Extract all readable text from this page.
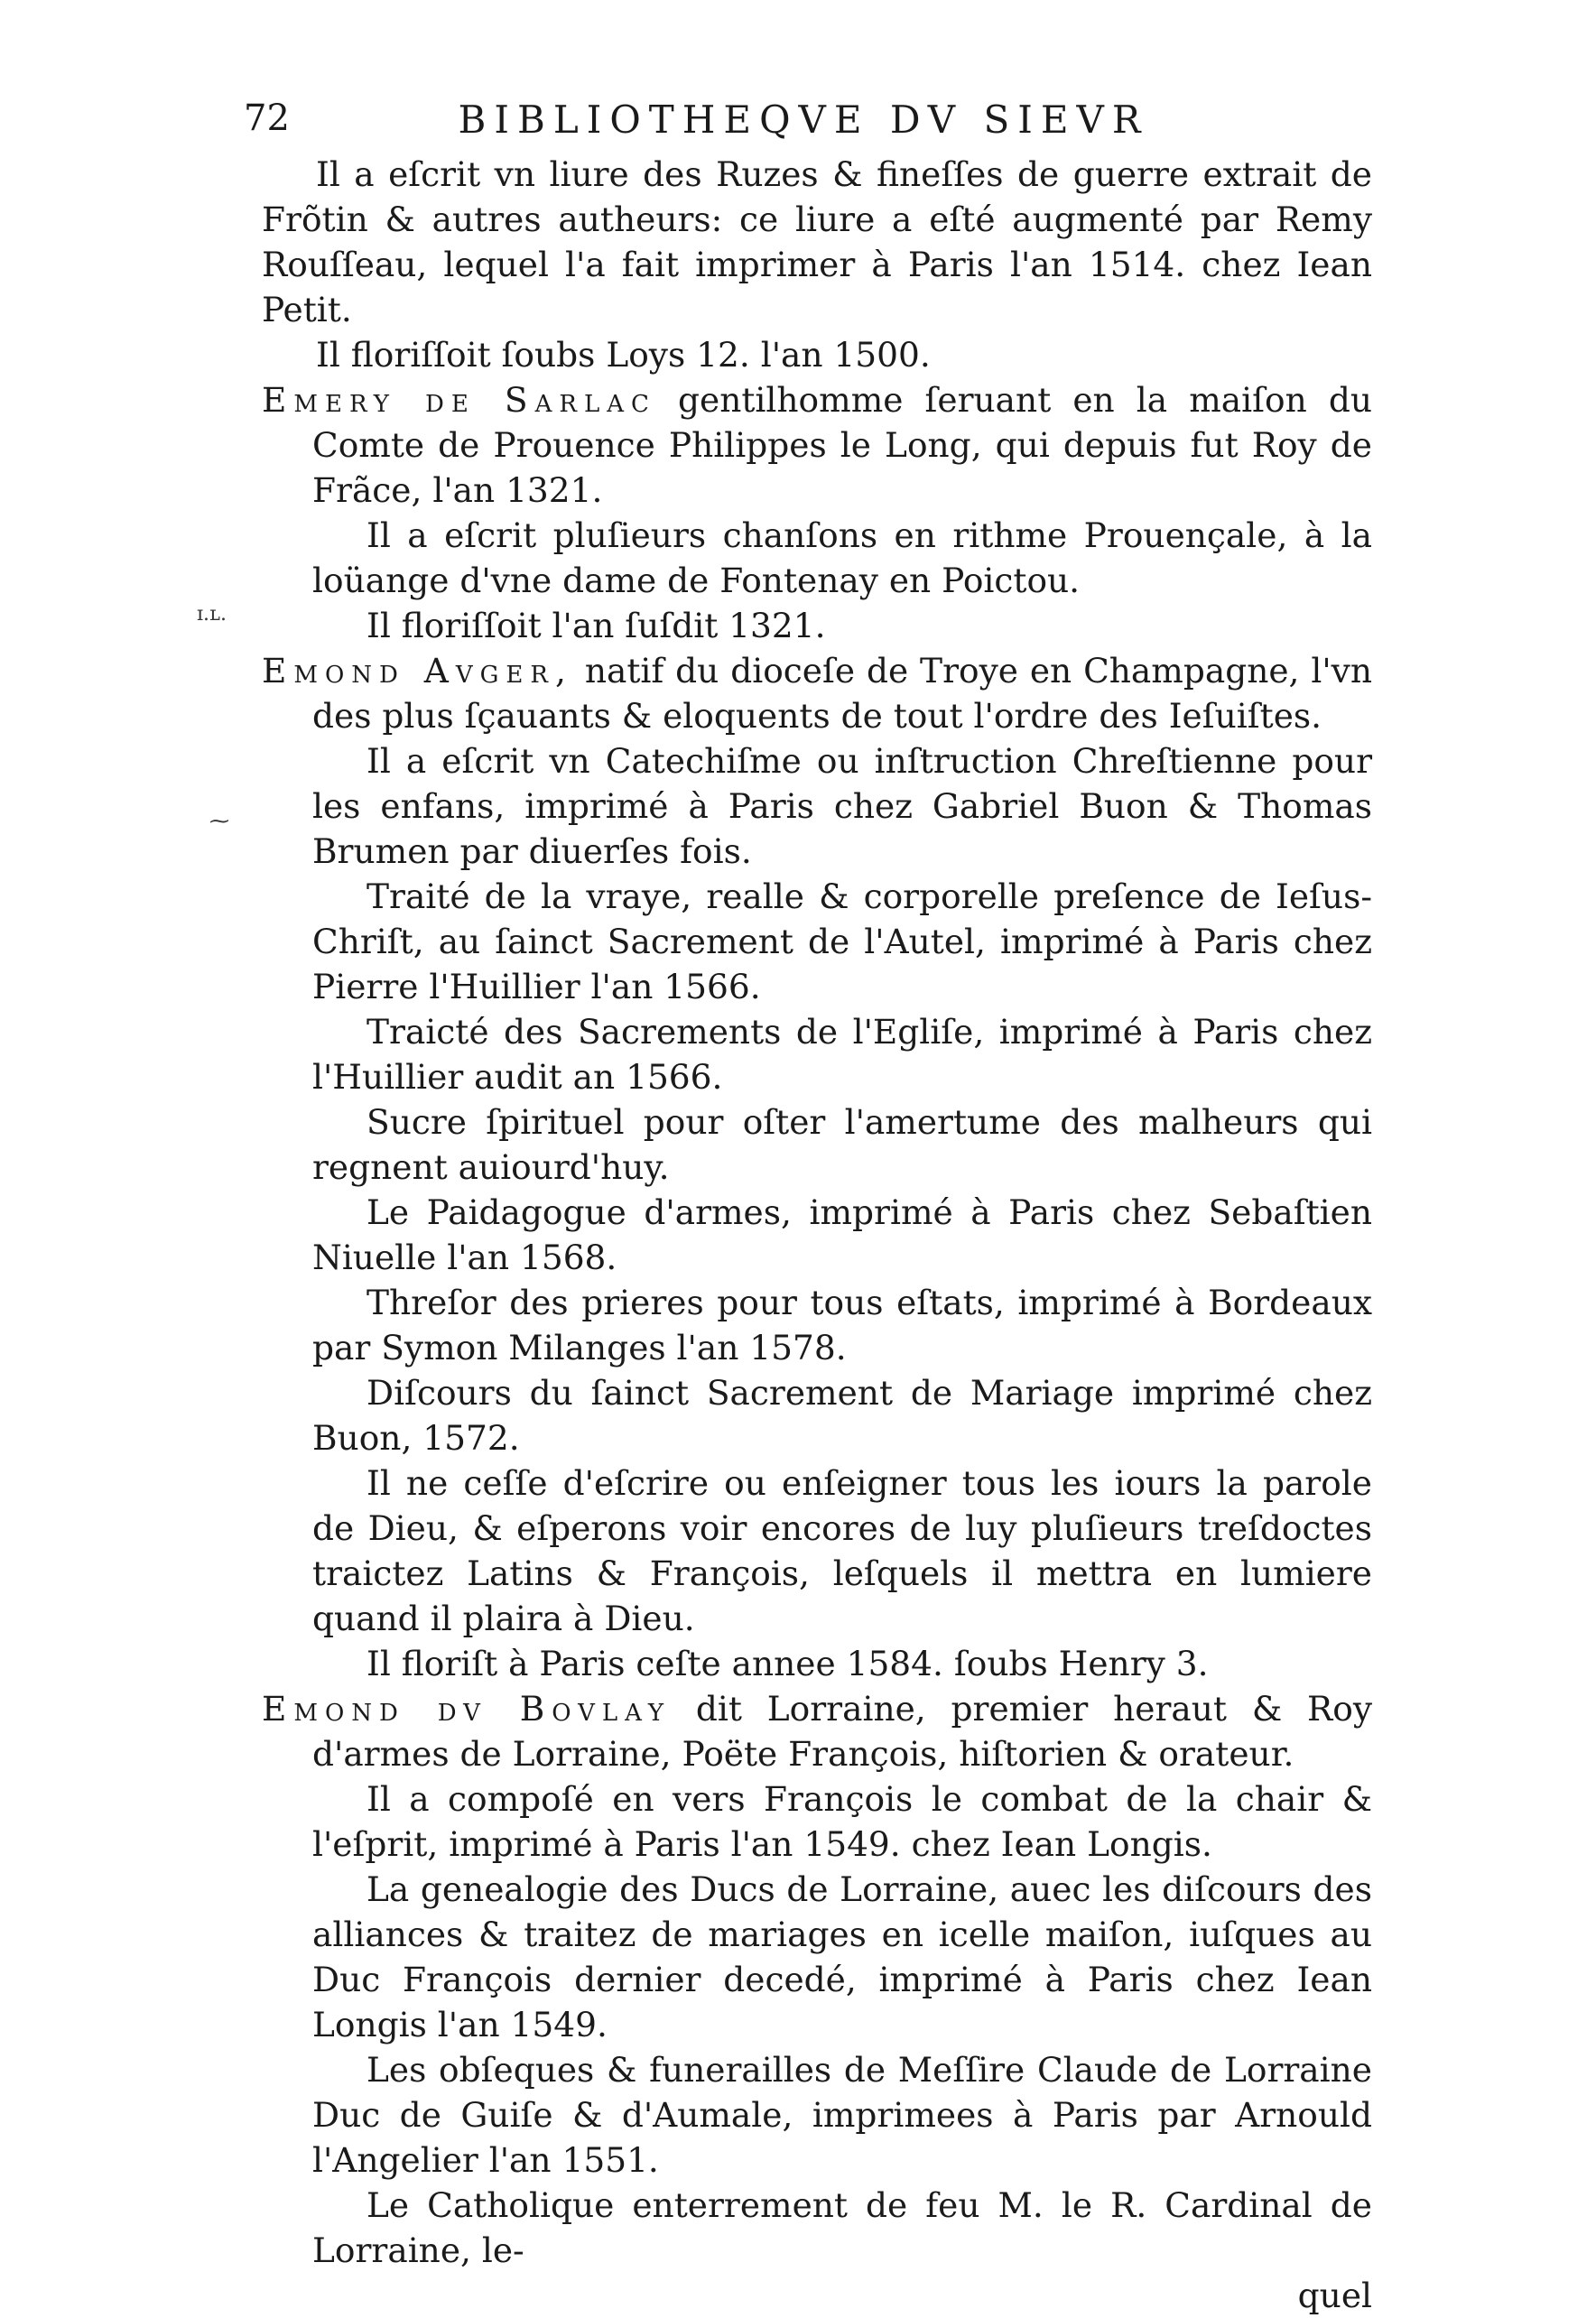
72	BIBLIOTHEQVE DV SIEVR
ɪ.ʟ.
⁓

Il a eſcrit vn liure des Ruzes & fineſſes de guerre extrait de Frõtin & autres autheurs: ce liure a eſté augmenté par Remy Rouſſeau, lequel l'a fait imprimer à Paris l'an 1514. chez Iean Petit.

Il floriſſoit ſoubs Loys 12. l'an 1500.

Emery de Sarlac gentilhomme ſeruant en la maiſon du Comte de Prouence Philippes le Long, qui depuis fut Roy de Frãce, l'an 1321.

Il a eſcrit pluſieurs chanſons en rithme Prouençale, à la loüange d'vne dame de Fontenay en Poictou.

Il floriſſoit l'an ſuſdit 1321.

Emond Avger, natif du dioceſe de Troye en Champagne, l'vn des plus ſçauants & eloquents de tout l'ordre des Ieſuiſtes.

Il a eſcrit vn Catechiſme ou inſtruction Chreſtienne pour les enfans, imprimé à Paris chez Gabriel Buon & Thomas Brumen par diuerſes fois.

Traité de la vraye, realle & corporelle preſence de Ieſus-Chriſt, au ſainct Sacrement de l'Autel, imprimé à Paris chez Pierre l'Huillier l'an 1566.

Traicté des Sacrements de l'Egliſe, imprimé à Paris chez l'Huillier audit an 1566.

Sucre ſpirituel pour oſter l'amertume des malheurs qui regnent auiourd'huy.

Le Paidagogue d'armes, imprimé à Paris chez Sebaſtien Niuelle l'an 1568.

Threſor des prieres pour tous eſtats, imprimé à Bordeaux par Symon Milanges l'an 1578.

Diſcours du ſainct Sacrement de Mariage imprimé chez Buon, 1572.

Il ne ceſſe d'eſcrire ou enſeigner tous les iours la parole de Dieu, & eſperons voir encores de luy pluſieurs treſdoctes traictez Latins & François, leſquels il mettra en lumiere quand il plaira à Dieu.

Il floriſt à Paris ceſte annee 1584. ſoubs Henry 3.

Emond dv Bovlay dit Lorraine, premier heraut & Roy d'armes de Lorraine, Poëte François, hiſtorien & orateur.

Il a compoſé en vers François le combat de la chair & l'eſprit, imprimé à Paris l'an 1549. chez Iean Longis.

La genealogie des Ducs de Lorraine, auec les diſcours des alliances & traitez de mariages en icelle maiſon, iuſques au Duc François dernier decedé, imprimé à Paris chez Iean Longis l'an 1549.

Les obſeques & funerailles de Meſſire Claude de Lorraine Duc de Guiſe & d'Aumale, imprimees à Paris par Arnould l'Angelier l'an 1551.

Le Catholique enterrement de feu M. le R. Cardinal de Lorraine, le-

quel
